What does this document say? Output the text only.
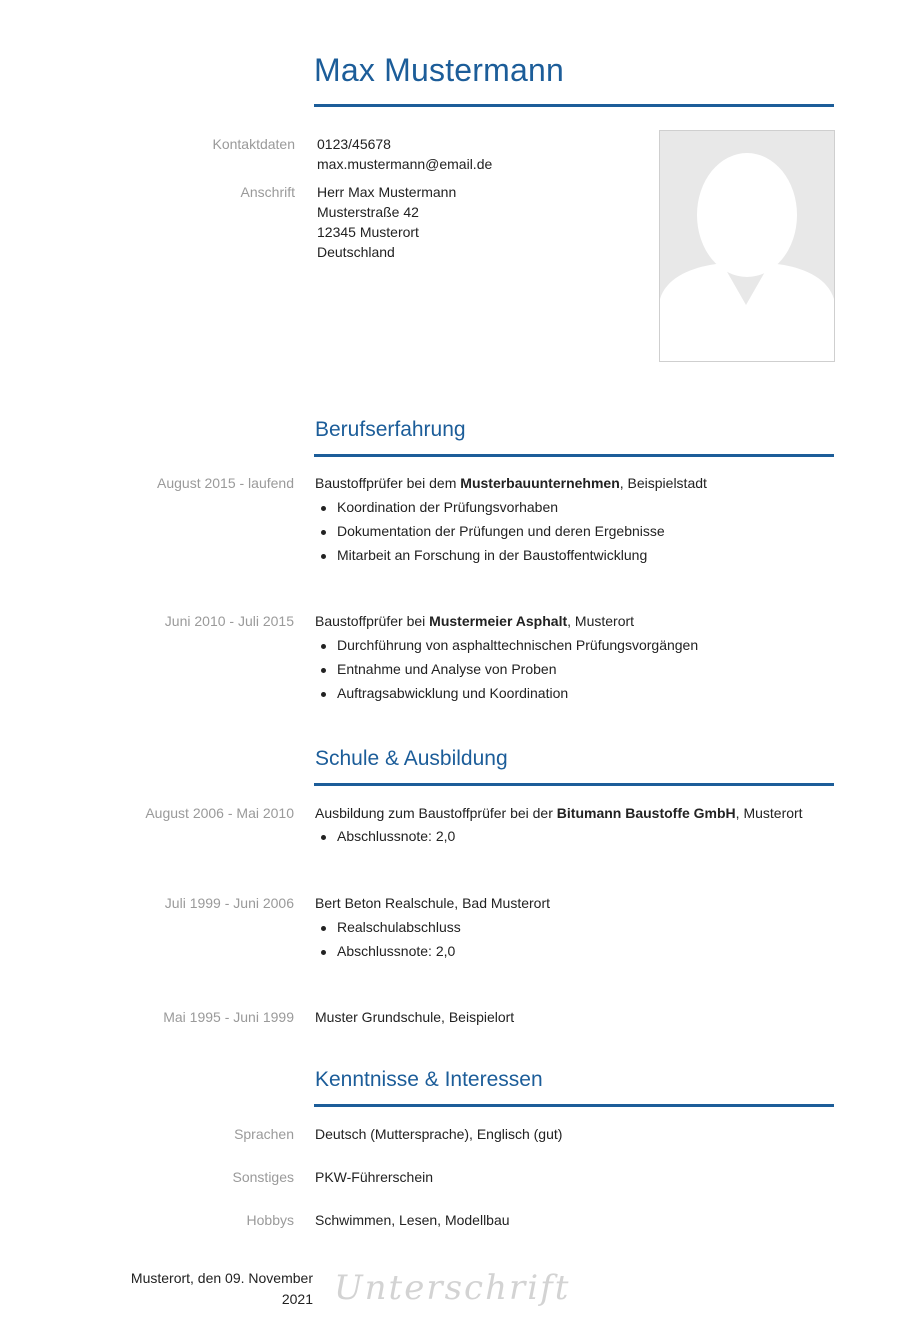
Max Mustermann
Kontaktdaten 0123/45678
max.mustermann@email.de
Anschrift Herr Max Mustermann
Musterstraße 42
12345 Musterort
Deutschland
Berufserfahrung
August 2015 - laufend Baustoffprüfer bei dem Musterbauunternehmen, Beispielstadt
Koordination der Prüfungsvorhaben
Dokumentation der Prüfungen und deren Ergebnisse
Mitarbeit an Forschung in der Baustoffentwicklung
Juni 2010 - Juli 2015 Baustoffprüfer bei Mustermeier Asphalt, Musterort
Durchführung von asphalttechnischen Prüfungsvorgängen
Entnahme und Analyse von Proben
Auftragsabwicklung und Koordination
Schule & Ausbildung
August 2006 - Mai 2010 Ausbildung zum Baustoffprüfer bei der Bitumann Baustoffe GmbH, Musterort
Abschlussnote: 2,0
Juli 1999 - Juni 2006 Bert Beton Realschule, Bad Musterort
Realschulabschluss
Abschlussnote: 2,0
Mai 1995 - Juni 1999 Muster Grundschule, Beispielort
Kenntnisse & Interessen
Sprachen Deutsch (Muttersprache), Englisch (gut)
Sonstiges PKW-Führerschein
Hobbys Schwimmen, Lesen, Modellbau
Musterort, den 09. November
2021 Unterschrift
